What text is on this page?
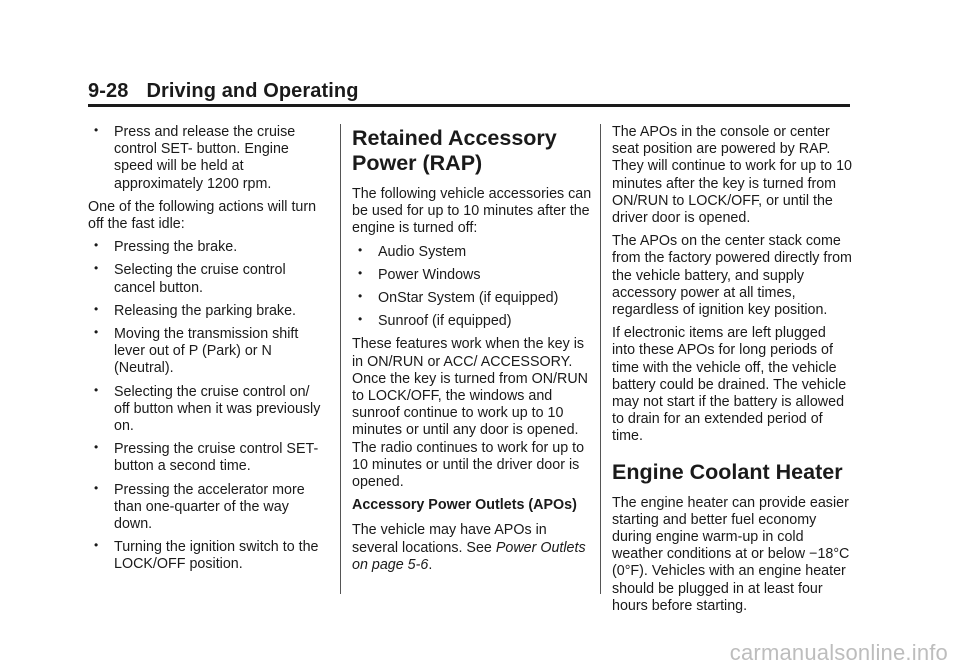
9-28 Driving and Operating
• Press and release the cruise control SET- button. Engine speed will be held at approximately 1200 rpm.

One of the following actions will turn off the fast idle:

• Pressing the brake.
• Selecting the cruise control cancel button.
• Releasing the parking brake.
• Moving the transmission shift lever out of P (Park) or N (Neutral).
• Selecting the cruise control on/ off button when it was previously on.
• Pressing the cruise control SET- button a second time.
• Pressing the accelerator more than one-quarter of the way down.
• Turning the ignition switch to the LOCK/OFF position.
Retained Accessory Power (RAP)

The following vehicle accessories can be used for up to 10 minutes after the engine is turned off:

• Audio System
• Power Windows
• OnStar System (if equipped)
• Sunroof (if equipped)

These features work when the key is in ON/RUN or ACC/ ACCESSORY. Once the key is turned from ON/RUN to LOCK/OFF, the windows and sunroof continue to work up to 10 minutes or until any door is opened. The radio continues to work for up to 10 minutes or until the driver door is opened.

Accessory Power Outlets (APOs)

The vehicle may have APOs in several locations. See Power Outlets on page 5-6.

The APOs in the console or center seat position are powered by RAP. They will continue to work for up to 10 minutes after the key is turned from ON/RUN to LOCK/OFF, or until the driver door is opened.

The APOs on the center stack come from the factory powered directly from the vehicle battery, and supply accessory power at all times, regardless of ignition key position.

If electronic items are left plugged into these APOs for long periods of time with the vehicle off, the vehicle battery could be drained. The vehicle may not start if the battery is allowed to drain for an extended period of time.

Engine Coolant Heater

The engine heater can provide easier starting and better fuel economy during engine warm-up in cold weather conditions at or below −18°C (0°F). Vehicles with an engine heater should be plugged in at least four hours before starting.

carmanualsonline.info
